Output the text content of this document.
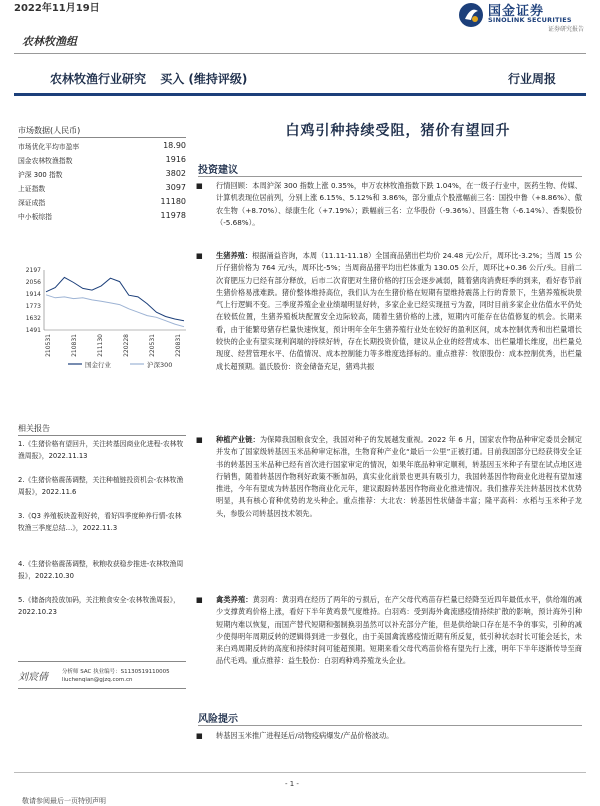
2022年11月19日	国金证券
SINOLINK SECURITIES
证券研究报告
农林牧渔组
农林牧渔行业研究 买入 (维持评级)	行业周报
市场数据(人民币)
市场优化平均市盈率	18.90
国金农林牧渔指数	1916
沪深 300 指数	3802
上证指数	3097
深证成指	11180
中小板综指	11978
2197
2056
1914
1773
1632
1491
210531	210831	211130	220228	220531	220831
国金行业	沪深300
相关报告
1.《生猪价格有望回升，关注转基因商业化进程-农林牧渔周报》，2022.11.13
2.《生猪价格震荡调整，关注种植链投资机会-农林牧渔周报》，2022.11.6
3.《Q3 养殖板块盈利好转，看好四季度种养行情-农林牧渔三季度总结…》，2022.11.3
4.《生猪价格震荡调整，秋粮收获稳步推进-农林牧渔周报》，2022.10.30
5.《储备肉投放加码，关注粮食安全-农林牧渔周报》，2022.10.23
刘宸倩	分析师 SAC 执业编号：S1130519110005
liuchenqian@gjzq.com.cn
白鸡引种持续受阻，猪价有望回升
投资建议
■	行情回顾：本周沪深 300 指数上涨 0.35%，申万农林牧渔指数下跌 1.04%，在一级子行业中，医药生物、传媒、计算机表现位居前列，分别上涨 6.15%、5.12%和 3.86%，部分重点个股涨幅前三名：国投中鲁（+8.86%）、傲农生物（+8.70%）、绿康生化（+7.19%）；跌幅前三名：立华股份（-9.36%）、回盛生物（-6.14%）、香梨股份（-5.68%）。
■	生猪养殖：根据涌益咨询，本周（11.11-11.18）全国商品猪出栏均价 24.48 元/公斤，周环比-3.2%；当周 15 公斤仔猪价格为 764 元/头，周环比-5%；当周商品猪平均出栏体重为 130.05 公斤，周环比+0.36 公斤/头。目前二次育肥压力已经有部分释放，后市二次育肥对生猪价格的打压会逐步减弱，随着猪肉消费旺季的到来，看好春节前生猪价格易涨难跌。猪价整体维持高位，我们认为在生猪价格在短期有望维持震荡上行的背景下，生猪养殖板块景气上行逻辑不变。三季度养殖企业业绩端明显好转，多家企业已经实现扭亏为盈，同时目前多家企业估值水平仍处在较低位置，生猪养殖板块配置安全边际较高，随着生猪价格的上涨，短期内可能存在估值修复的机会。长期来看，由于能繁母猪存栏量快速恢复，预计明年全年生猪养殖行业处在较好的盈利区间，成本控制优秀和出栏量增长较快的企业有望实现利润端的持续好转，存在长期投资价值，建议从企业的经营成本、出栏量增长维度，出栏量兑现度、经营管理水平、估值情况、成本控制能力等多维度选择标的。重点推荐：牧原股份：成本控制优秀，出栏量成长超预期。温氏股份：资金储备充足，猪鸡共振
■	种植产业链：为保障我国粮食安全，我国对种子的发展越发重视。2022 年 6 月，国家农作物品种审定委员会制定并发布了国家级转基因玉米品种审定标准，生物育种产业化“最后一公里”正被打通。目前我国部分已经获得安全证书的转基因玉米品种已经有首次进行国家审定的情况，如果年底品种审定顺利，转基因玉米种子有望在试点地区进行销售，随着转基因作物利好政策不断加码，真实业化前景也更具有吸引力，我国转基因作物商业化进程有望加速推进，今年有望成为转基因作物商业化元年，建议跟踪转基因作物商业化推进情况。我们推荐关注转基因技术优势明显，具有核心育种优势的龙头种企。重点推荐：大北农：转基因性状储备丰富；隆平高科：水稻与玉米种子龙头，参股公司转基因技术领先。
■	禽类养殖：黄羽鸡：黄羽鸡在经历了两年的亏损后，在产父母代鸡苗存栏量已经降至近四年最低水平，供给端的减少支撑黄鸡价格上涨，看好下半年黄鸡景气度维持。白羽鸡：受到海外禽流感疫情持续扩散的影响，预计海外引种短期内难以恢复，而国产替代短期和强制换羽虽然可以补充部分产能，但是供给缺口存在是不争的事实，引种的减少使得明年周期反转的逻辑得到进一步强化，由于美国禽流感疫情近期有所反复，低引种状态时长可能会延长，未来白鸡周期反转的高度和持续时间可能超预期。短期来看父母代鸡苗价格有望先行上涨，明年下半年逐渐传导至商品代毛鸡。重点推荐：益生股份：白羽鸡种鸡养殖龙头企业。
风险提示
■	转基因玉米推广进程延后/动物疫病爆发/产品价格波动。
- 1 -
敬请参阅最后一页特别声明
